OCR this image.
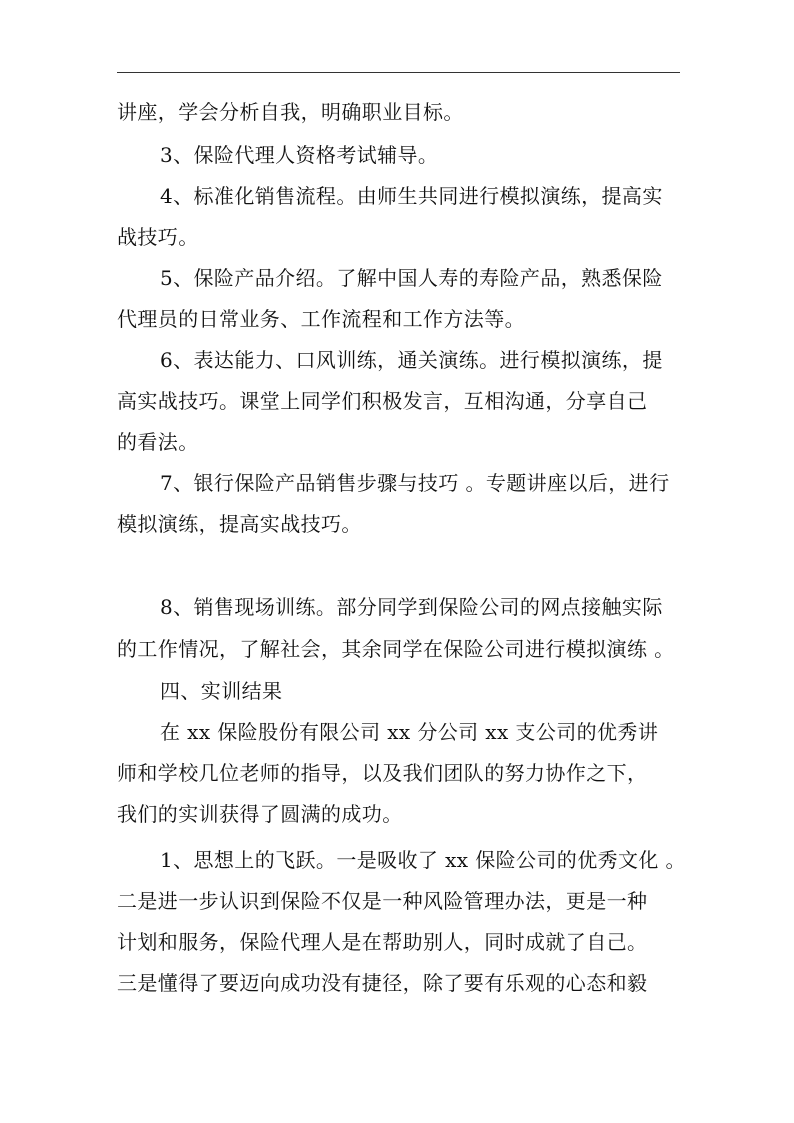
讲座，学会分析自我，明确职业目标。
3、保险代理人资格考试辅导。
4、标准化销售流程。由师生共同进行模拟演练，提高实
战技巧。
5、保险产品介绍。了解中国人寿的寿险产品，熟悉保险
代理员的日常业务、工作流程和工作方法等。
6、表达能力、口风训练，通关演练。进行模拟演练，提
高实战技巧。课堂上同学们积极发言，互相沟通，分享自己
的看法。
7、银行保险产品销售步骤与技巧 。专题讲座以后，进行
模拟演练，提高实战技巧。
8、销售现场训练。部分同学到保险公司的网点接触实际
的工作情况，了解社会，其余同学在保险公司进行模拟演练 。
四、实训结果
在 xx 保险股份有限公司 xx 分公司 xx 支公司的优秀讲
师和学校几位老师的指导，以及我们团队的努力协作之下，
我们的实训获得了圆满的成功。
1、思想上的飞跃。一是吸收了 xx 保险公司的优秀文化 。
二是进一步认识到保险不仅是一种风险管理办法，更是一种
计划和服务，保险代理人是在帮助别人，同时成就了自己。
三是懂得了要迈向成功没有捷径，除了要有乐观的心态和毅
